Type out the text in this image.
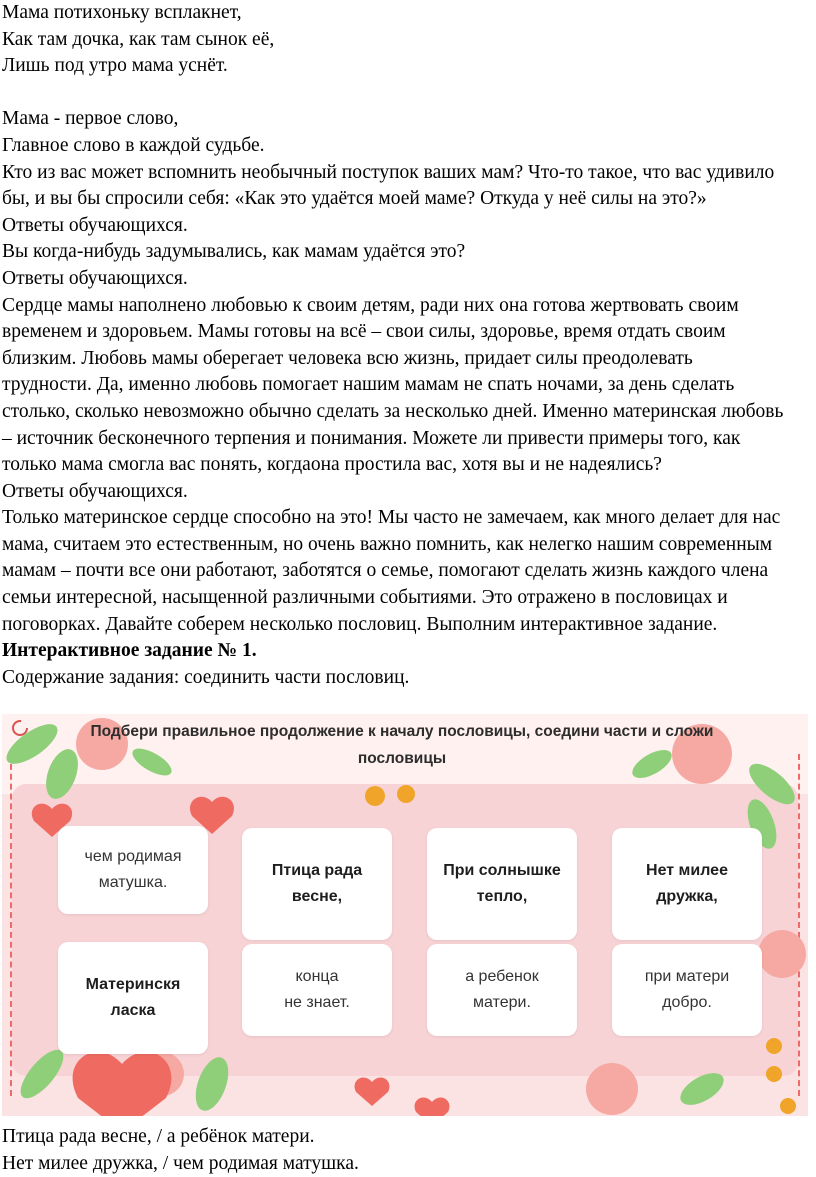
Мама потихоньку всплакнет,
Как там дочка, как там сынок её,
Лишь под утро мама уснёт.
Мама - первое слово,
Главное слово в каждой судьбе.
Кто из вас может вспомнить необычный поступок ваших мам? Что-то такое, что вас удивило
бы, и вы бы спросили себя: «Как это удаётся моей маме? Откуда у неё силы на это?»
Ответы обучающихся.
Вы когда-нибудь задумывались, как мамам удаётся это?
Ответы обучающихся.
Сердце мамы наполнено любовью к своим детям, ради них она готова жертвовать своим
временем и здоровьем. Мамы готовы на всё – свои силы, здоровье, время отдать своим
близким. Любовь мамы оберегает человека всю жизнь, придает силы преодолевать
трудности. Да, именно любовь помогает нашим мамам не спать ночами, за день сделать
столько, сколько невозможно обычно сделать за несколько дней. Именно материнская любовь
– источник бесконечного терпения и понимания. Можете ли привести примеры того, как
только мама смогла вас понять, когдаона простила вас, хотя вы и не надеялись?
Ответы обучающихся.
Только материнское сердце способно на это! Мы часто не замечаем, как много делает для нас
мама, считаем это естественным, но очень важно помнить, как нелегко нашим современным
мамам – почти все они работают, заботятся о семье, помогают сделать жизнь каждого члена
семьи интересной, насыщенной различными событиями. Это отражено в пословицах и
поговорках. Давайте соберем несколько пословиц. Выполним интерактивное задание.
Интерактивное задание № 1.
Содержание задания: соединить части пословиц.
Подбери правильное продолжение к началу пословицы, соедини части и сложи пословицы
чем родимая
матушка.
Материнскя
ласка
Птица рада
весне,
конца
не знает.
При солнышке
тепло,
а ребенок
матери.
Нет милее
дружка,
при матери
добро.
Птица рада весне, / а ребёнок матери.
Нет милее дружка, / чем родимая матушка.
